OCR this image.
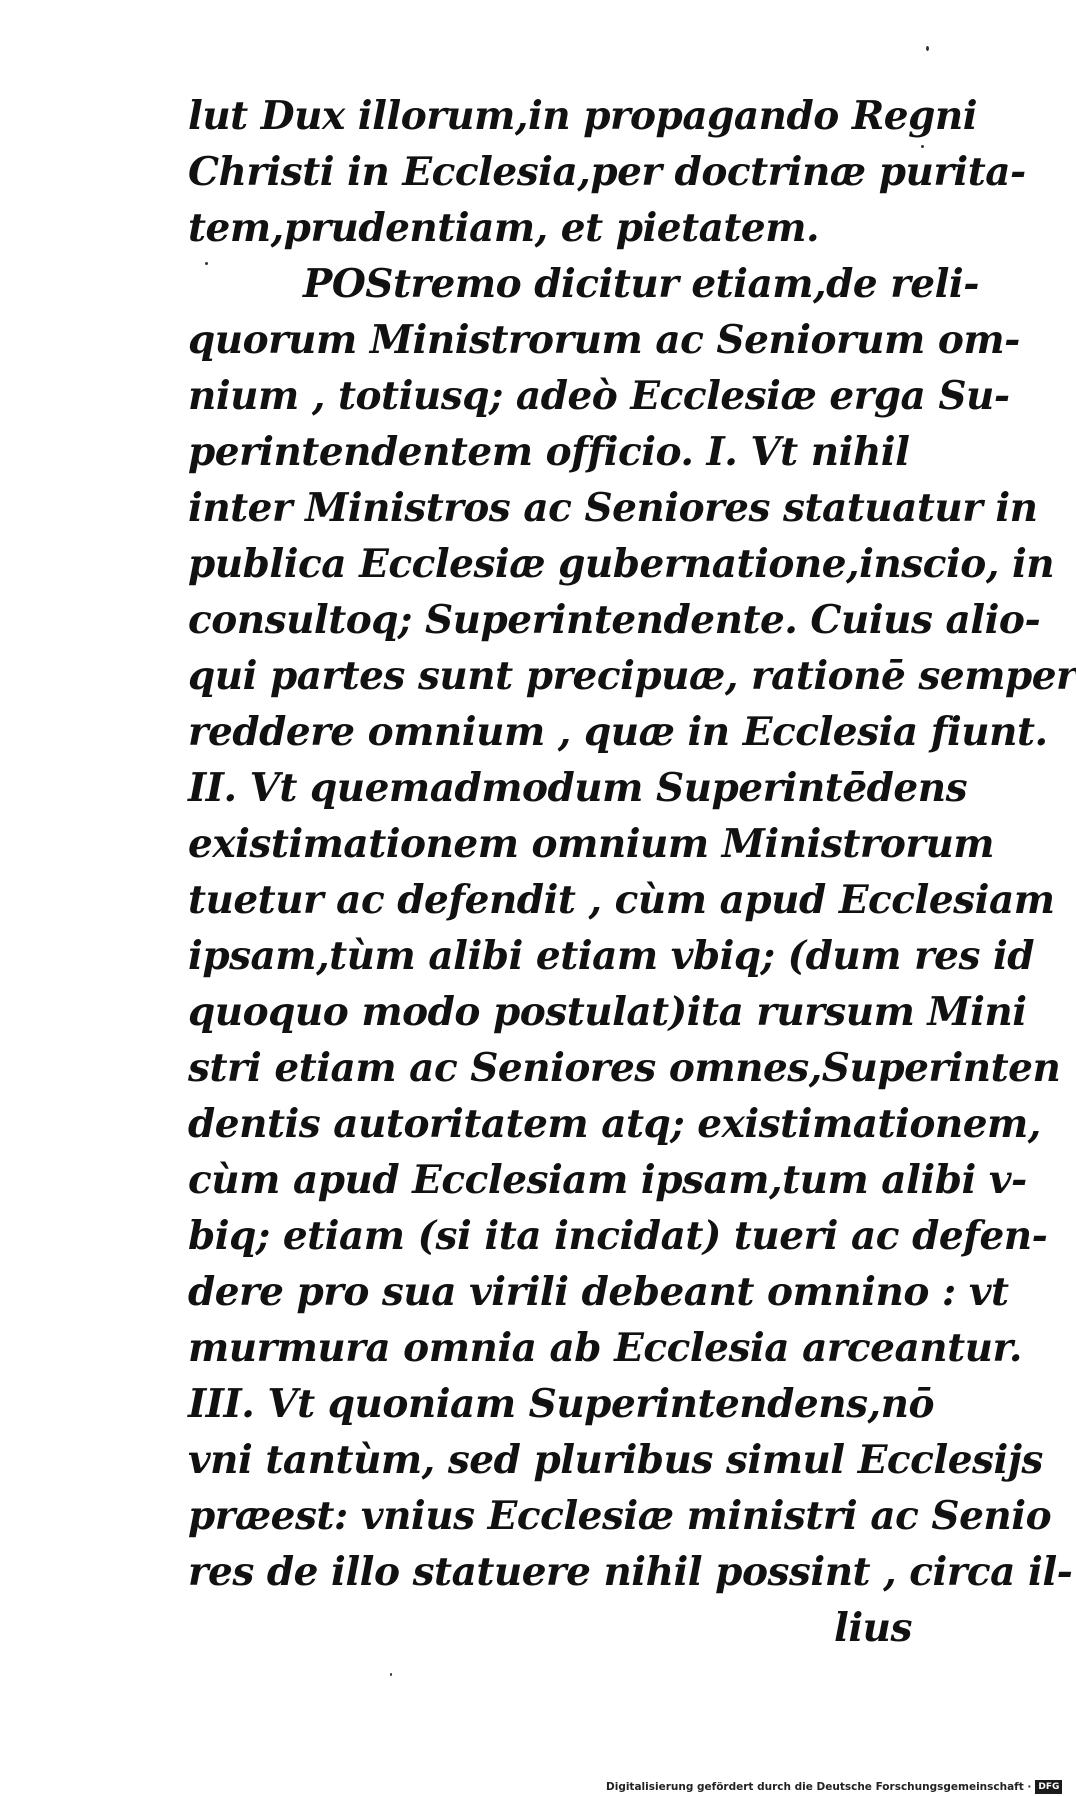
lut Dux illorum,in propagando Regni
Christi in Ecclesia,per doctrinæ purita-
tem,prudentiam, et pietatem.
POStremo dicitur etiam,de reli-
quorum Ministrorum ac Seniorum om-
nium , totiusq; adeò Ecclesiæ erga Su-
perintendentem officio. I. Vt nihil
inter Ministros ac Seniores statuatur in
publica Ecclesiæ gubernatione,inscio, in
consultoq; Superintendente. Cuius alio-
qui partes sunt precipuæ, rationē semper
reddere omnium , quæ in Ecclesia fiunt.
II. Vt quemadmodum Superintēdens
existimationem omnium Ministrorum
tuetur ac defendit , cùm apud Ecclesiam
ipsam,tùm alibi etiam vbiq; (dum res id
quoquo modo postulat)ita rursum Mini
stri etiam ac Seniores omnes,Superinten
dentis autoritatem atq; existimationem,
cùm apud Ecclesiam ipsam,tum alibi v-
biq; etiam (si ita incidat) tueri ac defen-
dere pro sua virili debeant omnino : vt
murmura omnia ab Ecclesia arceantur.
III. Vt quoniam Superintendens,nō
vni tantùm, sed pluribus simul Ecclesijs
præest: vnius Ecclesiæ ministri ac Senio
res de illo statuere nihil possint , circa il-
lius
Digitalisierung gefördert durch die Deutsche Forschungsgemeinschaft · DFG
